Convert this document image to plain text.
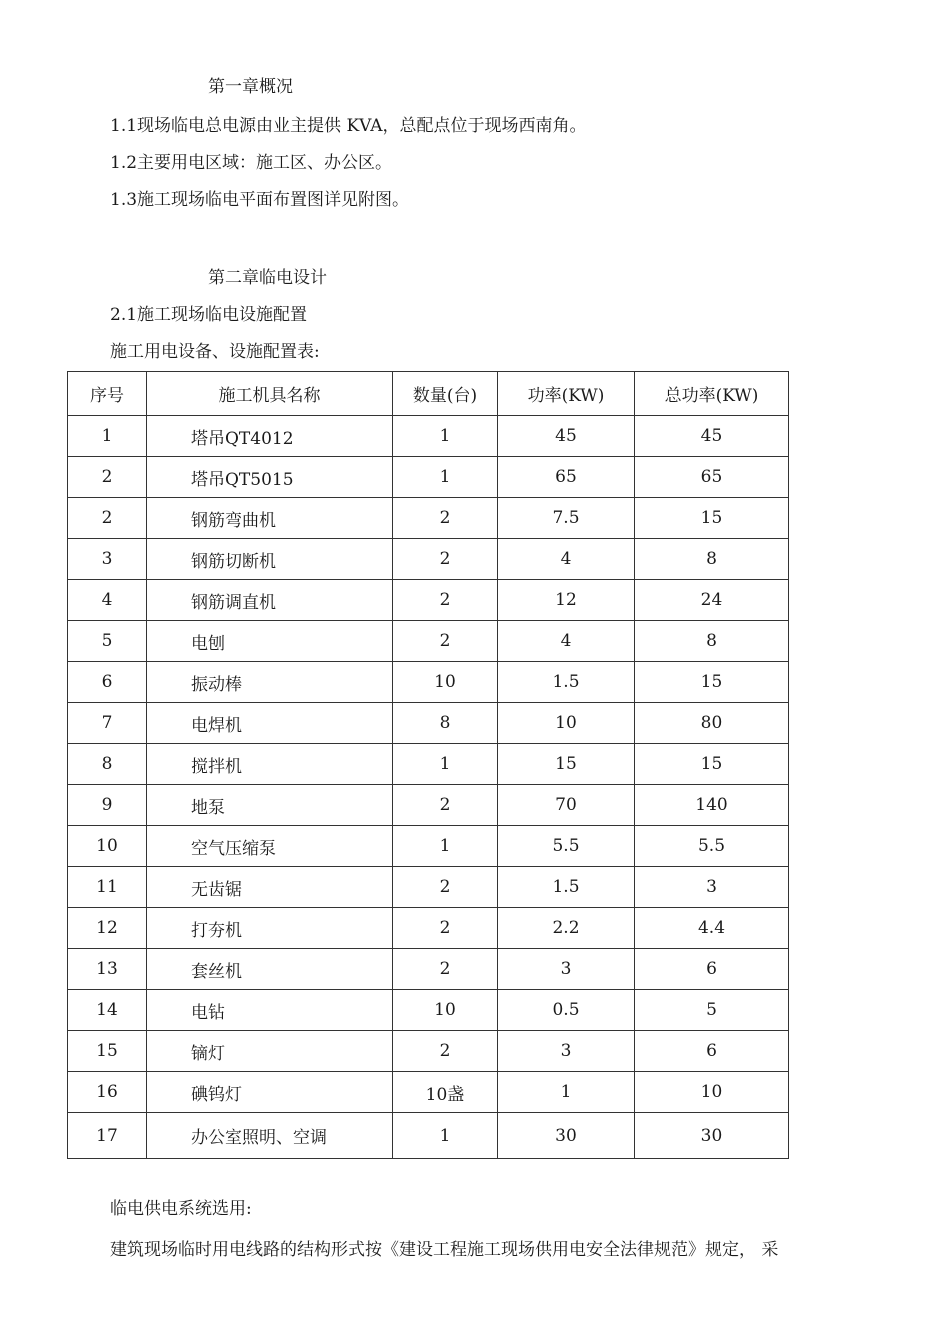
第一章概况
1.1现场临电总电源由业主提供 KVA，总配点位于现场西南角。
1.2主要用电区域：施工区、办公区。
1.3施工现场临电平面布置图详见附图。
第二章临电设计
2.1施工现场临电设施配置
施工用电设备、设施配置表:
序号	施工机具名称	数量(台)	功率(KW)	总功率(KW)
1	塔吊QT4012	1	45	45
2	塔吊QT5015	1	65	65
2	钢筋弯曲机	2	7.5	15
3	钢筋切断机	2	4	8
4	钢筋调直机	2	12	24
5	电刨	2	4	8
6	振动棒	10	1.5	15
7	电焊机	8	10	80
8	搅拌机	1	15	15
9	地泵	2	70	140
10	空气压缩泵	1	5.5	5.5
11	无齿锯	2	1.5	3
12	打夯机	2	2.2	4.4
13	套丝机	2	3	6
14	电钻	10	0.5	5
15	镝灯	2	3	6
16	碘钨灯	10盏	1	10
17	办公室照明、空调	1	30	30
临电供电系统选用:
建筑现场临时用电线路的结构形式按《建设工程施工现场供用电安全法律规范》规定， 采
